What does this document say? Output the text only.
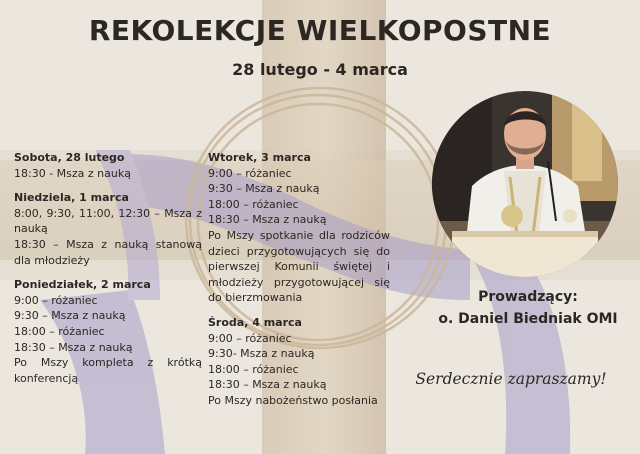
REKOLEKCJE WIELKOPOSTNE
28 lutego - 4 marca
Sobota, 28 lutego
18:30 - Msza z nauką
Niedziela, 1 marca
8:00, 9:30, 11:00, 12:30 – Msza z nauką
18:30 – Msza z nauką stanową dla młodzieży
Poniedziałek, 2 marca
9:00 – różaniec
9:30 – Msza z nauką
18:00 – różaniec
18:30 – Msza z nauką
Po Mszy kompleta z krótką konferencją
Wtorek, 3 marca
9:00 – różaniec
9:30 – Msza z nauką
18:00 – różaniec
18:30 – Msza z nauką
Po Mszy spotkanie dla rodziców dzieci przygotowujących się do pierwszej Komunii świętej i młodzieży przygotowującej się do bierzmowania
Środa, 4 marca
9:00 – różaniec
9:30- Msza z nauką
18:00 – różaniec
18:30 – Msza z nauką
Po Mszy nabożeństwo posłania
Prowadzący:
o. Daniel Biedniak OMI
Serdecznie zapraszamy!
